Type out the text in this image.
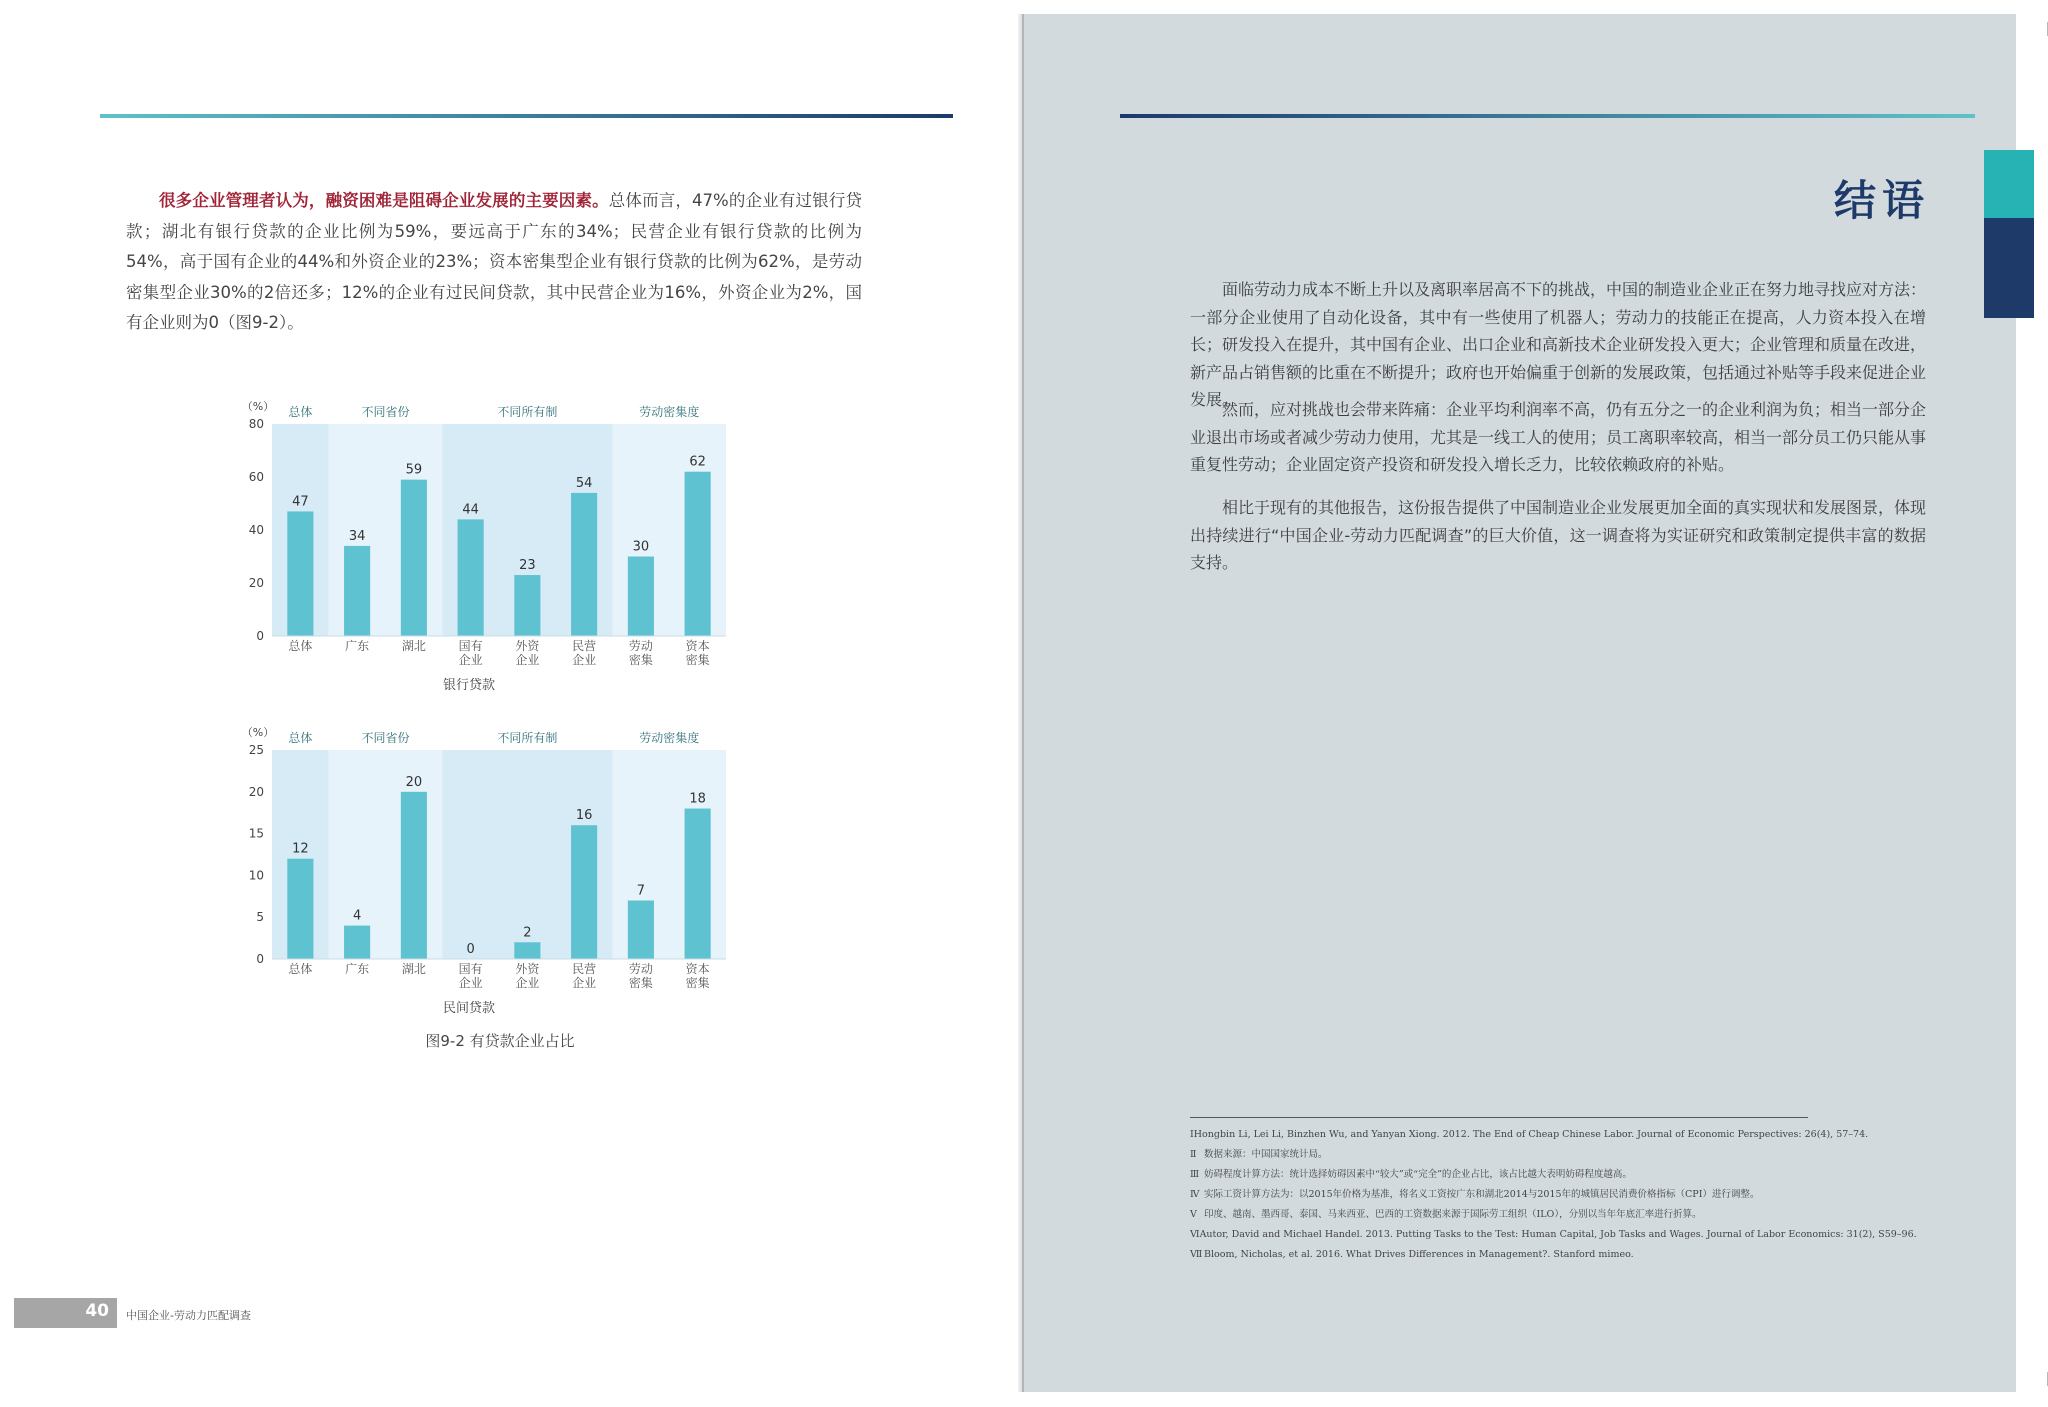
很多企业管理者认为，融资困难是阻碍企业发展的主要因素。总体而言，47%的企业有过银行贷款；湖北有银行贷款的企业比例为59%，要远高于广东的34%；民营企业有银行贷款的比例为54%，高于国有企业的44%和外资企业的23%；资本密集型企业有银行贷款的比例为62%，是劳动密集型企业30%的2倍还多；12%的企业有过民间贷款，其中民营企业为16%，外资企业为2%，国有企业则为0（图9-2）。

总体	不同省份	不同所有制	劳动密集度
（%）
0
20
40
60
80
47
总体
34
广东
59
湖北
44
国有
企业
23
外资
企业
54
民营
企业
30
劳动
密集
62
资本
密集
银行贷款
总体	不同省份	不同所有制	劳动密集度
（%）
0
5
10
15
20
25
12
总体
4
广东
20
湖北
0
国有
企业
2
外资
企业
16
民营
企业
7
劳动
密集
18
资本
密集
民间贷款
图9-2 有贷款企业占比
40 中国企业-劳动力匹配调查
结语

面临劳动力成本不断上升以及离职率居高不下的挑战，中国的制造业企业正在努力地寻找应对方法：一部分企业使用了自动化设备，其中有一些使用了机器人；劳动力的技能正在提高，人力资本投入在增长；研发投入在提升，其中国有企业、出口企业和高新技术企业研发投入更大；企业管理和质量在改进，新产品占销售额的比重在不断提升；政府也开始偏重于创新的发展政策，包括通过补贴等手段来促进企业发展。

然而，应对挑战也会带来阵痛：企业平均利润率不高，仍有五分之一的企业利润为负；相当一部分企业退出市场或者减少劳动力使用，尤其是一线工人的使用；员工离职率较高，相当一部分员工仍只能从事重复性劳动；企业固定资产投资和研发投入增长乏力，比较依赖政府的补贴。

相比于现有的其他报告，这份报告提供了中国制造业企业发展更加全面的真实现状和发展图景，体现出持续进行“中国企业-劳动力匹配调查”的巨大价值，这一调查将为实证研究和政策制定提供丰富的数据支持。

Ⅰ Hongbin Li, Lei Li, Binzhen Wu, and Yanyan Xiong. 2012. The End of Cheap Chinese Labor. Journal of Economic Perspectives: 26(4), 57–74.
Ⅱ 数据来源：中国国家统计局。
Ⅲ 妨碍程度计算方法：统计选择妨碍因素中“较大”或“完全”的企业占比，该占比越大表明妨碍程度越高。
Ⅳ 实际工资计算方法为：以2015年价格为基准，将名义工资按广东和湖北2014与2015年的城镇居民消费价格指标（CPI）进行调整。
Ⅴ 印度、越南、墨西哥、泰国、马来西亚、巴西的工资数据来源于国际劳工组织（ILO），分别以当年年底汇率进行折算。
Ⅵ Autor, David and Michael Handel. 2013. Putting Tasks to the Test: Human Capital, Job Tasks and Wages. Journal of Labor Economics: 31(2), S59–96.
Ⅶ Bloom, Nicholas, et al. 2016. What Drives Differences in Management?. Stanford mimeo.
